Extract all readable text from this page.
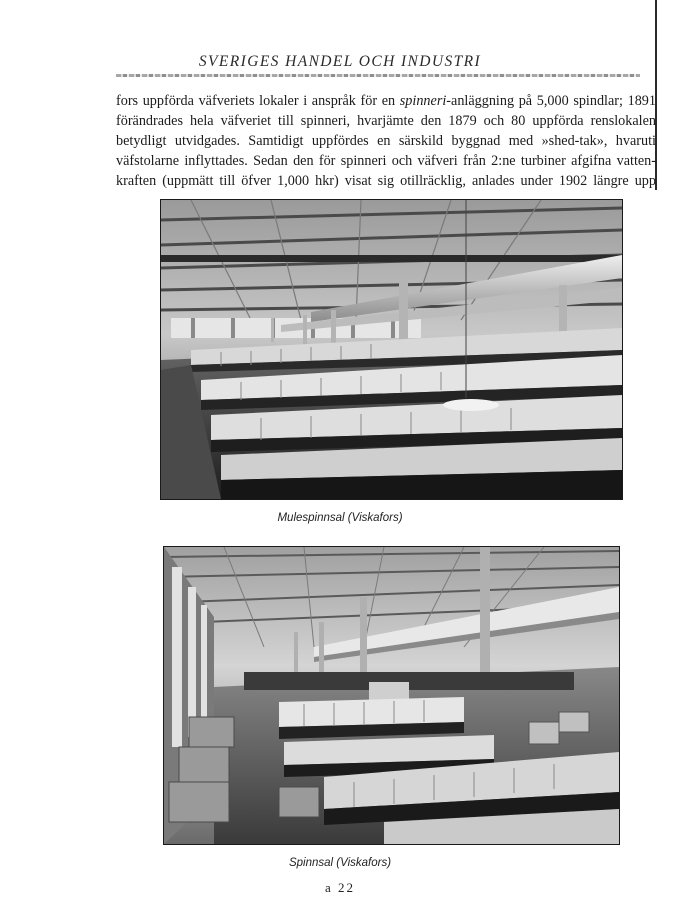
SVERIGES HANDEL OCH INDUSTRI
fors uppförda väfveriets lokaler i anspråk för en spinneri-anläggning på 5,000 spindlar; 1891
förändrades hela väfveriet till spinneri, hvarjämte den 1879 och 80 uppförda renslokalen
betydligt utvidgades. Samtidigt uppfördes en särskild byggnad med »shed-tak», hvaruti
väfstolarne inflyttades. Sedan den för spinneri och väfveri från 2:ne turbiner afgifna vatten-
kraften (uppmätt till öfver 1,000 hkr) visat sig otillräcklig, anlades under 1902 längre upp
Mulespinnsal (Viskafors)
Spinnsal (Viskafors)
a 22
